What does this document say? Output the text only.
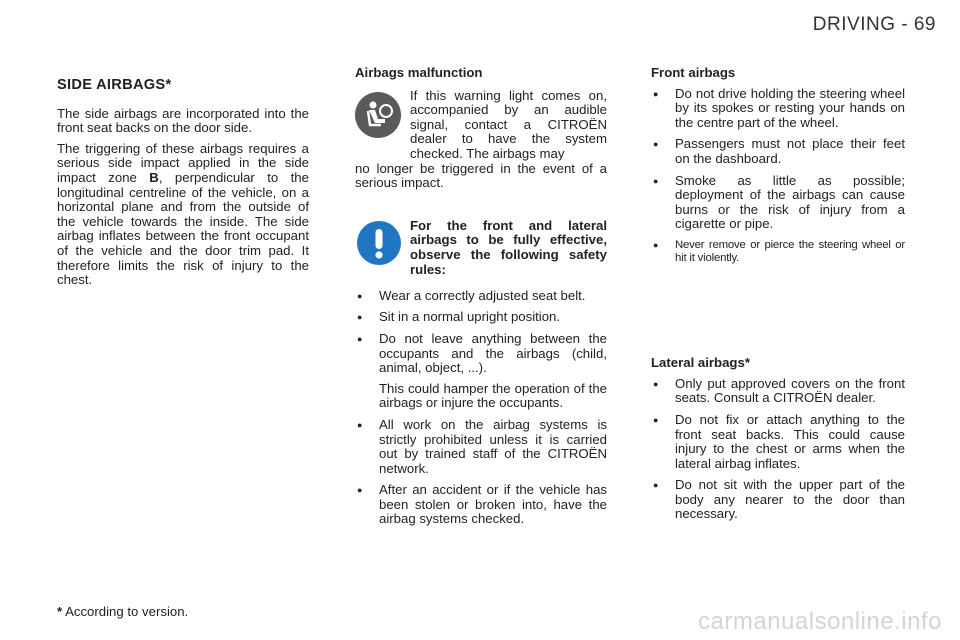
DRIVING - 69
SIDE AIRBAGS*

The side airbags are incorporated into the front seat backs on the door side.

The triggering of these airbags requires a serious side impact applied in the side impact zone B, perpendicular to the longitudinal centreline of the vehicle, on a horizontal plane and from the outside of the vehicle towards the inside. The side airbag inflates between the front occupant of the vehicle and the door trim pad. It therefore limits the risk of injury to the chest.

Airbags malfunction

If this warning light comes on, accompanied by an audible signal, contact a CITROËN dealer to have the system checked. The airbags may
no longer be triggered in the event of a serious impact.

For the front and lateral airbags to be fully effective, observe the following safety rules:
● Wear a correctly adjusted seat belt.
● Sit in a normal upright position.
● Do not leave anything between the occupants and the airbags (child, animal, object, ...).
This could hamper the operation of the airbags or injure the occupants.
● All work on the airbag systems is strictly prohibited unless it is carried out by trained staff of the CITROËN network.
● After an accident or if the vehicle has been stolen or broken into, have the airbag systems checked.
Front airbags
● Do not drive holding the steering wheel by its spokes or resting your hands on the centre part of the wheel.
● Passengers must not place their feet on the dashboard.
● Smoke as little as possible; deployment of the airbags can cause burns or the risk of injury from a cigarette or pipe.
● Never remove or pierce the steering wheel or hit it violently.
Lateral airbags*
● Only put approved covers on the front seats. Consult a CITROËN dealer.
● Do not fix or attach anything to the front seat backs. This could cause injury to the chest or arms when the lateral airbag inflates.
● Do not sit with the upper part of the body any nearer to the door than necessary.
* According to version.	carmanualsonline.info
